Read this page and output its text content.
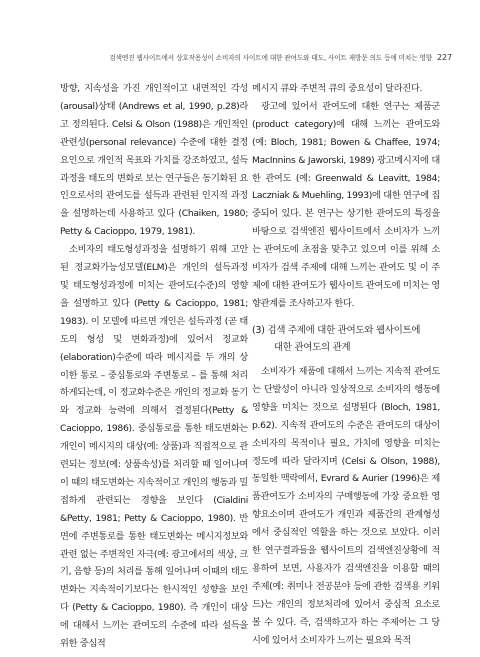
검색엔진 웹사이트에서 상호작용성이 소비자의 사이트에 대한 관여도와 태도, 사이트 재방문 의도 등에 미치는 영향 227

방향, 지속성을 가진 개인적이고 내면적인 각성(arousal)상태 (Andrews et al, 1990, p.28)라고 정의된다. Celsi & Olson (1988)은 개인적인 관련성(personal relevance) 수준에 대한 결정요인으로 개인적 목표와 가치를 강조하였고, 설득과정을 태도의 변화로 보는 연구들은 동기화된 요인으로서의 관여도를 설득과 관련된 인지적 과정을 설명하는데 사용하고 있다 (Chaiken, 1980; Petty & Cacioppo, 1979, 1981).

소비자의 태도형성과정을 설명하기 위해 고안된 정교화가능성모델(ELM)은 개인의 설득과정 및 태도형성과정에 미치는 관여도(수준)의 영향을 설명하고 있다 (Petty & Cacioppo, 1981; 1983). 이 모델에 따르면 개인은 설득과정 (곧 태도의 형성 및 변화과정)에 있어서 정교화(elaboration)수준에 따라 메시지를 두 개의 상이한 통로 – 중심통로와 주변통로 – 를 통해 처리하게되는데, 이 정교화수준은 개인의 정교화 동기와 정교화 능력에 의해서 결정된다(Petty & Cacioppo, 1986). 중심통로를 통한 태도변화는 개인이 메시지의 대상(예: 상품)과 직접적으로 관련되는 정보(예: 상품속성)를 처리할 때 일어나며 이 때의 태도변화는 지속적이고 개인의 행동과 밀접하게 관련되는 경향을 보인다 (Cialdini &Petty, 1981; Petty & Cacioppo, 1980). 반면에 주변통로를 통한 태도변화는 메시지정보와 관련 없는 주변적인 자극(예: 광고에서의 색상, 크기, 음향 등)의 처리를 통해 일어나며 이때의 태도변화는 지속적이기보다는 한시적인 성향을 보인다 (Petty & Cacioppo, 1980). 즉 개인이 대상에 대해서 느끼는 관여도의 수준에 따라 설득을 위한 중심적

메시지 큐와 주변적 큐의 중요성이 달라진다.

광고에 있어서 관여도에 대한 연구는 제품군(product category)에 대해 느끼는 관여도와(예: Bloch, 1981; Bowen & Chaffee, 1974; MacInnins & Jaworski, 1989) 광고메시지에 대한 관여도 (예: Greenwald & Leavitt, 1984; Laczniak & Muehling, 1993)에 대한 연구에 집중되어 있다. 본 연구는 상기한 관여도의 특징을 바탕으로 검색엔진 웹사이트에서 소비자가 느끼는 관여도에 초점을 맞추고 있으며 이를 위해 소비자가 검색 주제에 대해 느끼는 관여도 및 이 주제에 대한 관여도가 웹사이트 관여도에 미치는 영향관계를 조사하고자 한다.

(3) 검색 주제에 대한 관여도와 웹사이트에
대한 관여도의 관계

소비자가 제품에 대해서 느끼는 지속적 관여도는 단발성이 아니라 일상적으로 소비자의 행동에 영향을 미치는 것으로 설명된다 (Bloch, 1981, p.62). 지속적 관여도의 수준은 관여도의 대상이 소비자의 목적이나 필요, 가치에 영향을 미치는 정도에 따라 달라지며 (Celsi & Olson, 1988), 동일한 맥락에서, Evrard & Aurier (1996)은 제품관여도가 소비자의 구매행동에 가장 중요한 영향요소이며 관여도가 개인과 제품간의 관계형성에서 중심적인 역할을 하는 것으로 보았다. 이러한 연구결과들을 웹사이트의 검색엔진상황에 적용하여 보면, 사용자가 검색엔진을 이용할 때의 주제(예: 취미나 전공분야 등에 관한 검색용 키워드)는 개인의 정보처리에 있어서 중심적 요소로 볼 수 있다. 즉, 검색하고자 하는 주제어는 그 당시에 있어서 소비자가 느끼는 필요와 목적
